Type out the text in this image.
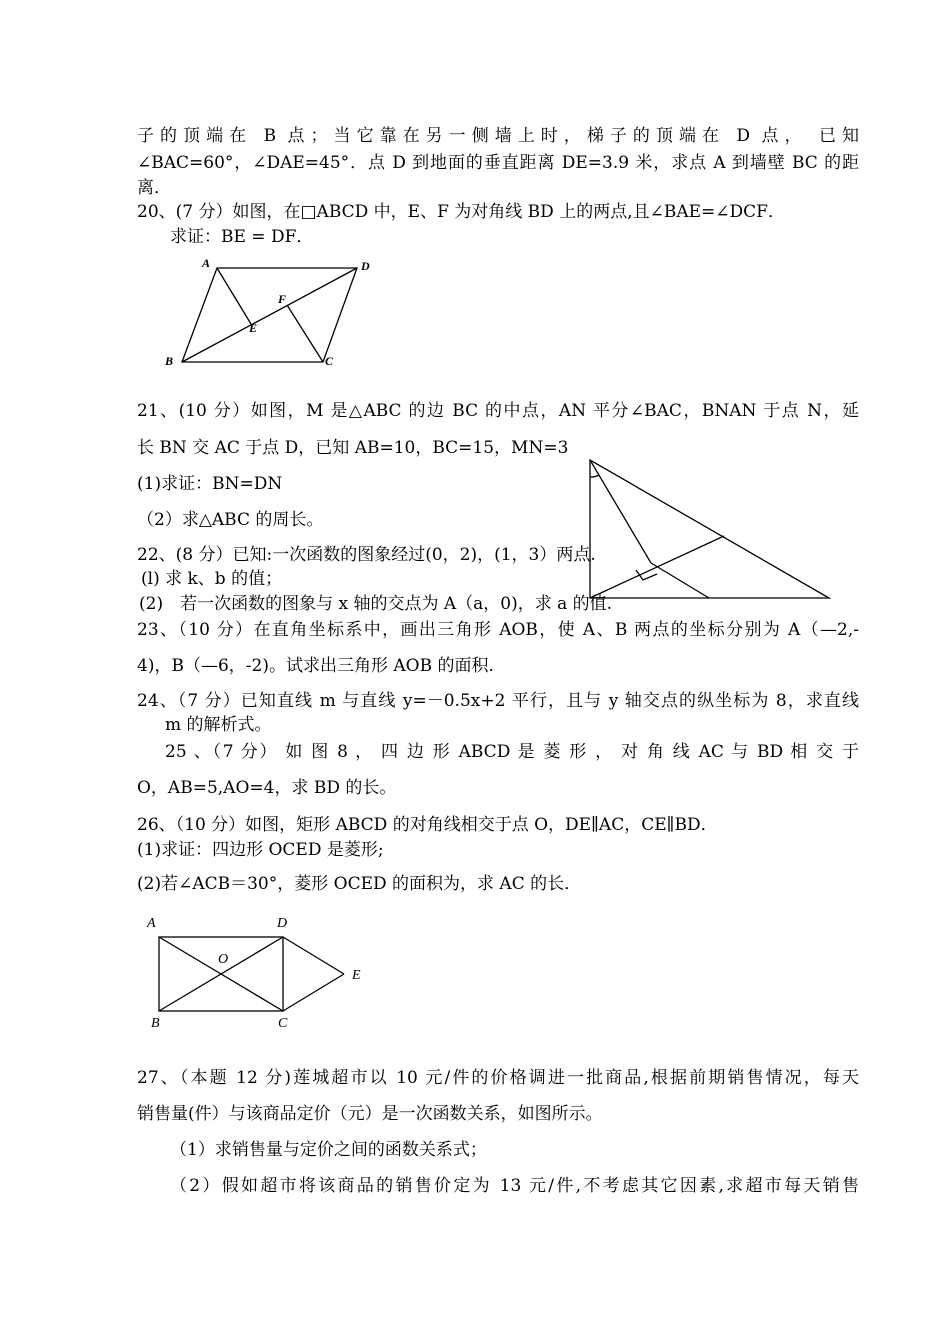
子的顶端在 B 点；当它靠在另一侧墙上时，梯子的顶端在 D 点， 已知
∠BAC=60°，∠DAE=45°．点 D 到地面的垂直距离 DE=3.9 米，求点 A 到墙壁 BC 的距
离．
20、(7 分）如图，在□ABCD 中，E、F 为对角线 BD 上的两点,且∠BAE=∠DCF．
求证：BE = DF．
A	D
F
E
B	C
21、(10 分）如图，M 是△ABC 的边 BC 的中点，AN 平分∠BAC，BNAN 于点 N，延
长 BN 交 AC 于点 D，已知 AB=10，BC=15，MN=3
(1)求证：BN=DN
（2）求△ABC 的周长。
22、(8 分）已知:一次函数的图象经过(0，2)，(1，3）两点.
(l) 求 k、b 的值；
(2)　若一次函数的图象与 x 轴的交点为 A（a，0)，求 a 的值.
23、（10 分）在直角坐标系中，画出三角形 AOB，使 A、B 两点的坐标分别为 A（—2,-
4)，B（—6，-2)。试求出三角形 AOB 的面积.
24、（7 分）已知直线 m 与直线 y=－0.5x+2 平行，且与 y 轴交点的纵坐标为 8，求直线
m 的解析式。
25 、（7 分） 如 图 8 ， 四 边 形 ABCD 是 菱 形 ， 对 角 线 AC 与 BD 相 交 于
O，AB=5,AO=4，求 BD 的长。
26、（10 分）如图，矩形 ABCD 的对角线相交于点 O，DE∥AC，CE∥BD．
(1)求证：四边形 OCED 是菱形;
(2)若∠ACB＝30°，菱形 OCED 的面积为，求 AC 的长．
A	D
O
E
B	C
27、（本题 12 分)莲城超市以 10 元/件的价格调进一批商品,根据前期销售情况，每天
销售量(件）与该商品定价（元）是一次函数关系，如图所示。
（1）求销售量与定价之间的函数关系式；
（2）假如超市将该商品的销售价定为 13 元/件,不考虑其它因素,求超市每天销售
